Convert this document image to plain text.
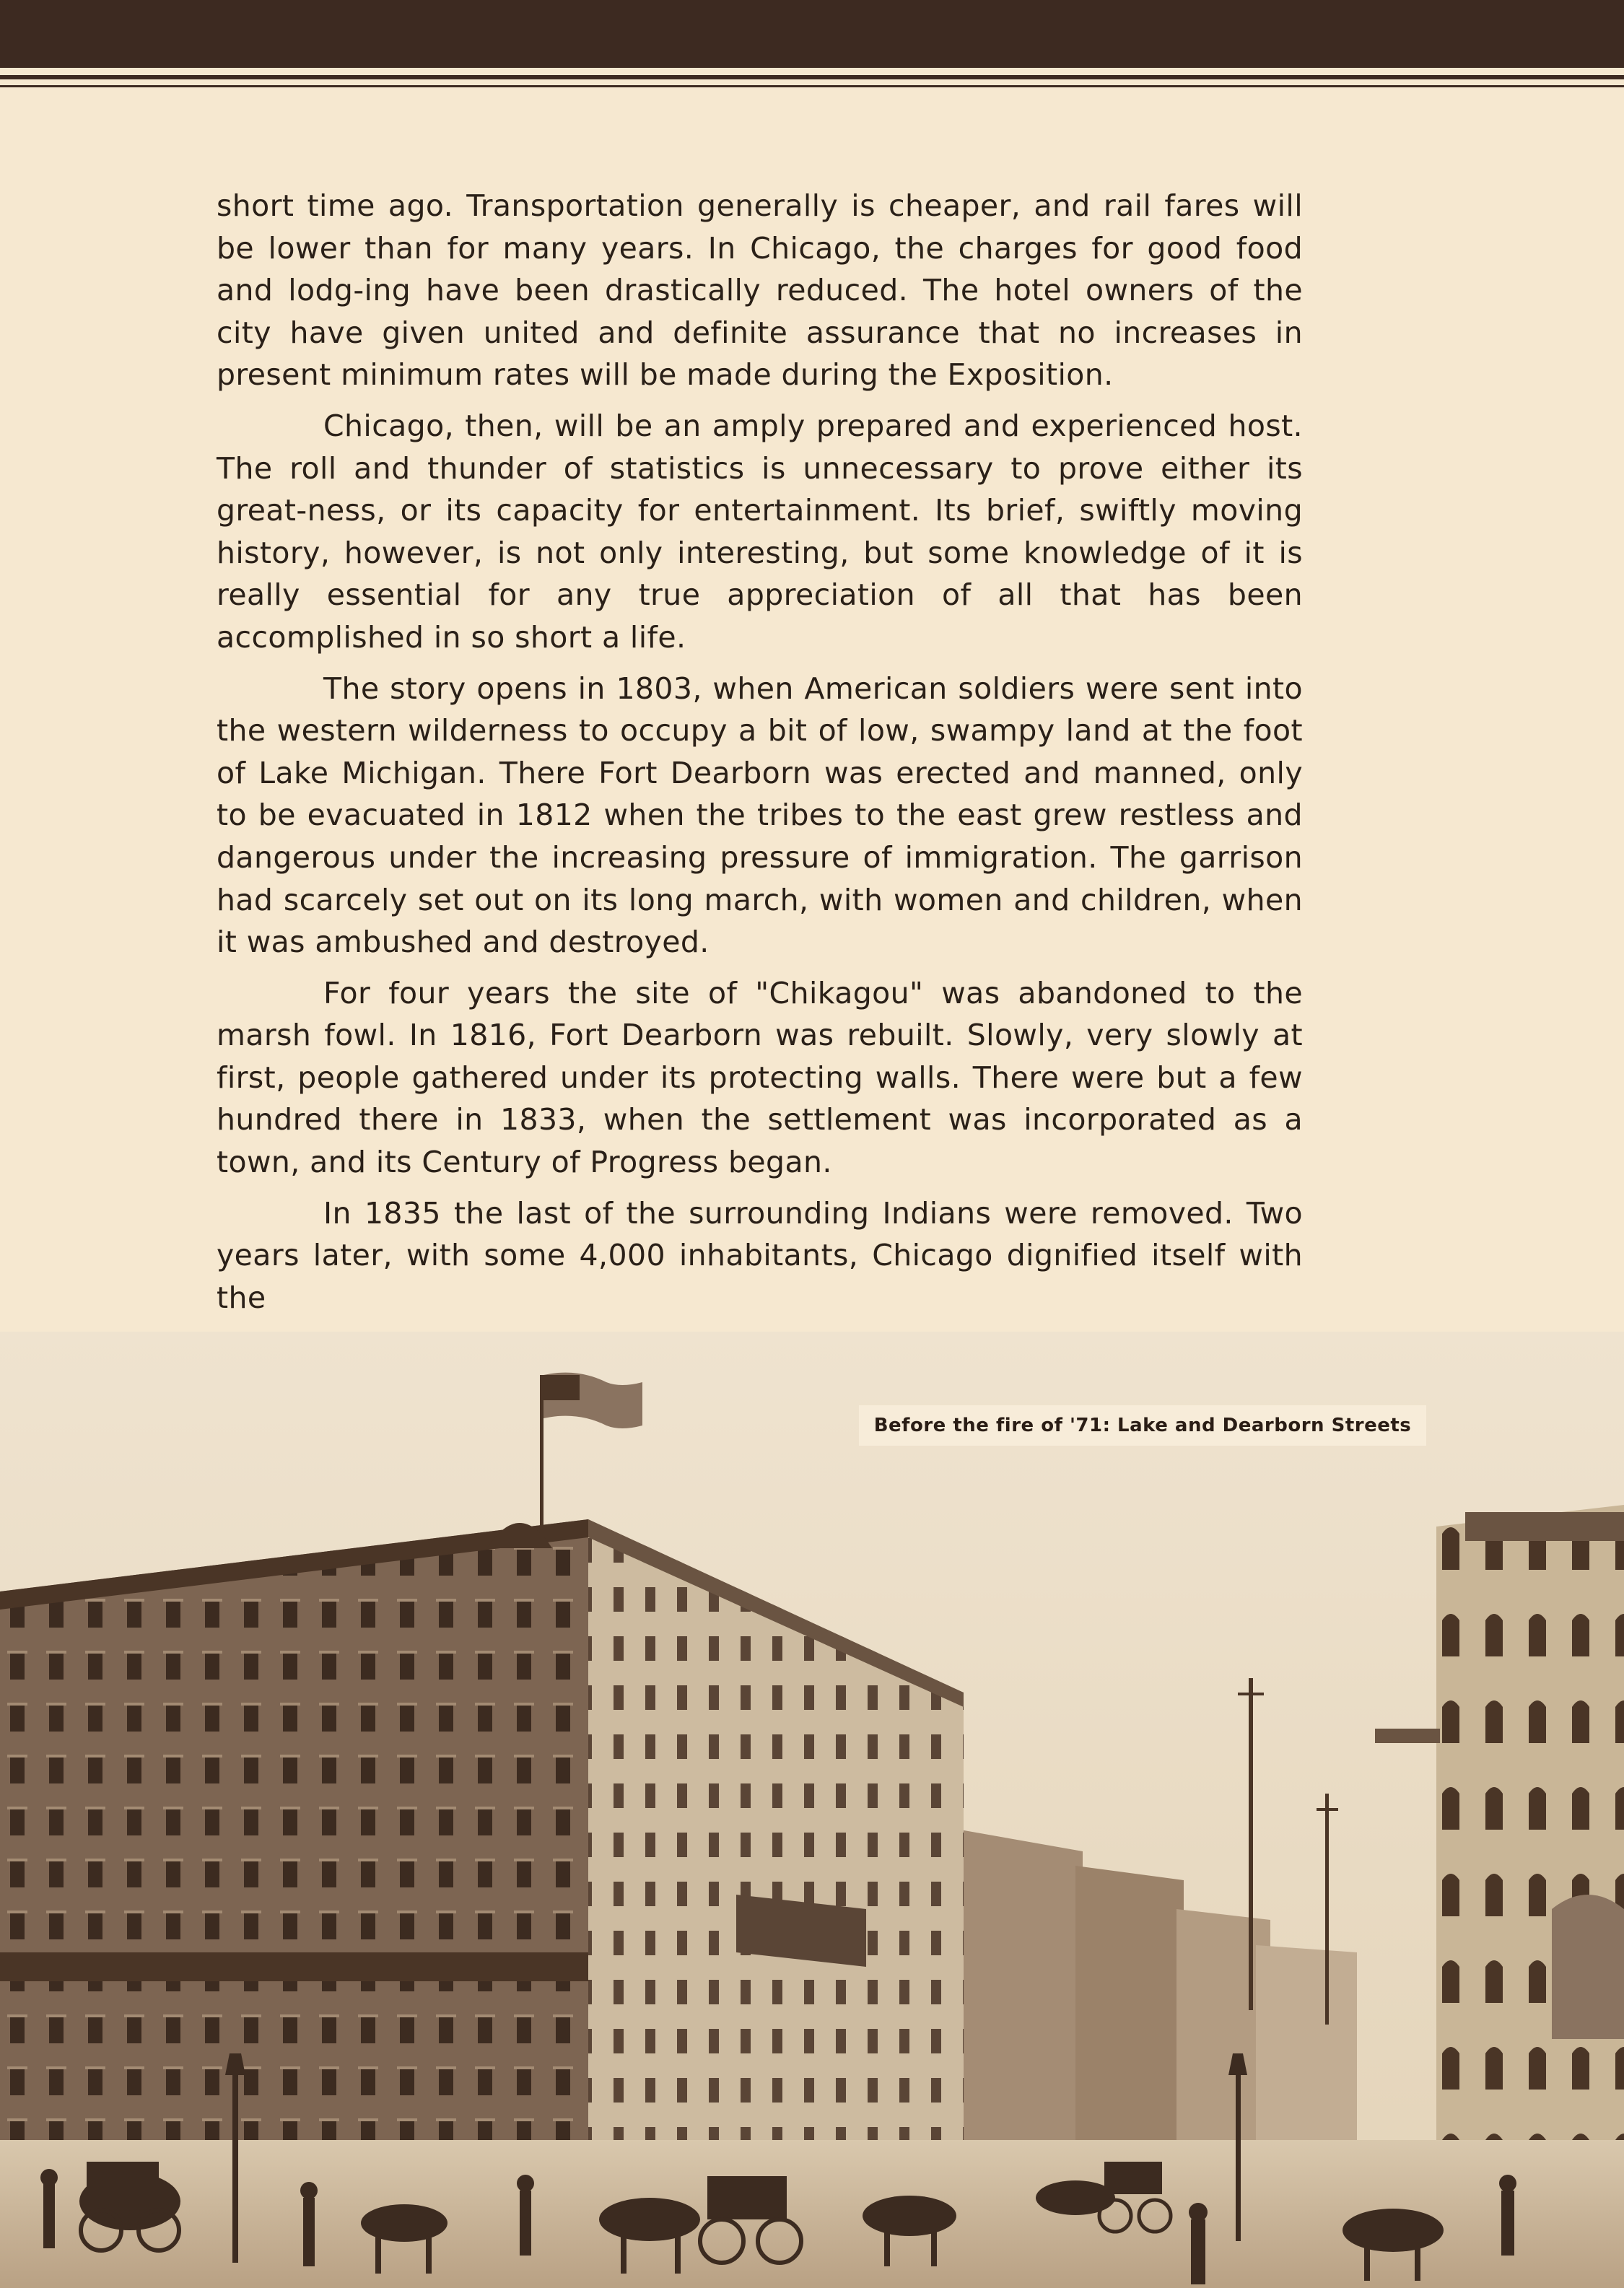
short time ago. Transportation generally is cheaper, and rail fares will be lower than for many years. In Chicago, the charges for good food and lodg-ing have been drastically reduced. The hotel owners of the city have given united and definite assurance that no increases in present minimum rates will be made during the Exposition.

Chicago, then, will be an amply prepared and experienced host. The roll and thunder of statistics is unnecessary to prove either its great-ness, or its capacity for entertainment. Its brief, swiftly moving history, however, is not only interesting, but some knowledge of it is really essential for any true appreciation of all that has been accomplished in so short a life.

The story opens in 1803, when American soldiers were sent into the western wilderness to occupy a bit of low, swampy land at the foot of Lake Michigan. There Fort Dearborn was erected and manned, only to be evacuated in 1812 when the tribes to the east grew restless and dangerous under the increasing pressure of immigration. The garrison had scarcely set out on its long march, with women and children, when it was ambushed and destroyed.

For four years the site of "Chikagou" was abandoned to the marsh fowl. In 1816, Fort Dearborn was rebuilt. Slowly, very slowly at first, people gathered under its protecting walls. There were but a few hundred there in 1833, when the settlement was incorporated as a town, and its Century of Progress began.

In 1835 the last of the surrounding Indians were removed. Two years later, with some 4,000 inhabitants, Chicago dignified itself with the

Before the fire of '71: Lake and Dearborn Streets
